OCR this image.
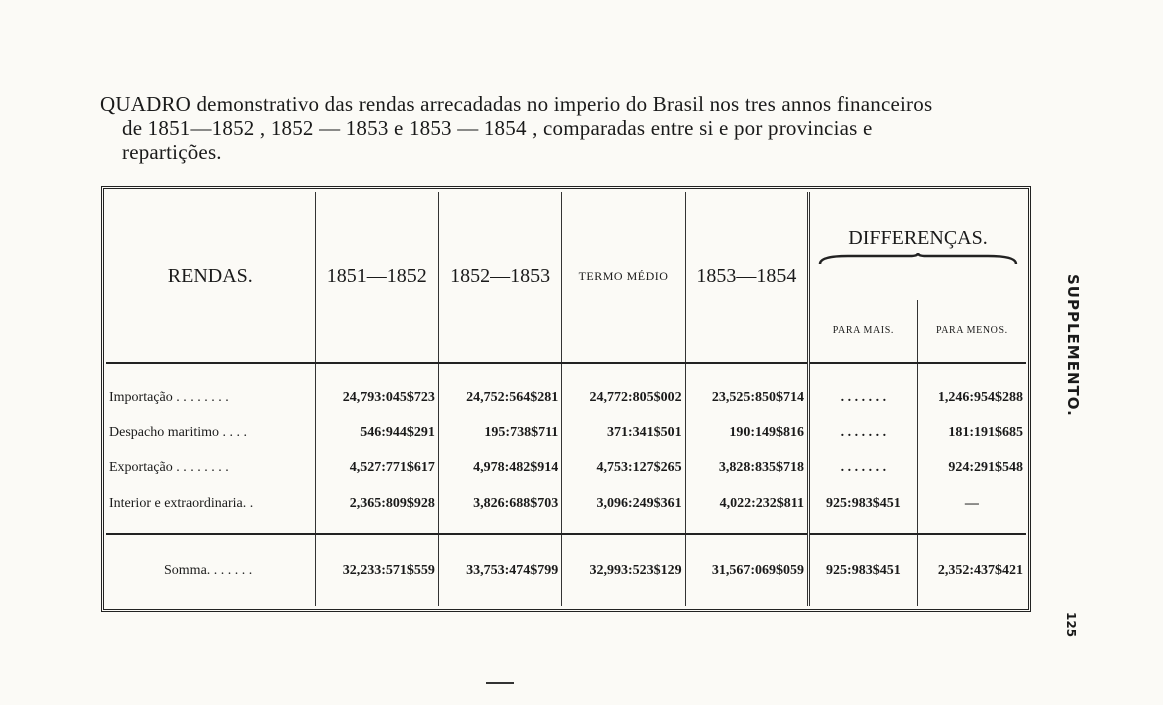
QUADRO demonstrativo das rendas arrecadadas no imperio do Brasil nos tres annos financeiros

de 1851—1852 , 1852 — 1853 e 1853 — 1854 , comparadas entre si e por provincias e

repartições.

RENDAS.	1851—1852	1852—1853	TERMO MÉDIO	1853—1854	DIFFERENÇAS.	

					PARA MAIS.	PARA MENOS.

Importação . . . . . . . .	24,793:045$723	24,752:564$281	24,772:805$002	23,525:850$714	. . . . . . .	1,246:954$288
Despacho maritimo . . . .	546:944$291	195:738$711	371:341$501	190:149$816	. . . . . . .	181:191$685
Exportação . . . . . . . .	4,527:771$617	4,978:482$914	4,753:127$265	3,828:835$718	. . . . . . .	924:291$548
Interior e extraordinaria. .	2,365:809$928	3,826:688$703	3,096:249$361	4,022:232$811	925:983$451	—

Somma. . . . . . .	32,233:571$559	33,753:474$799	32,993:523$129	31,567:069$059	925:983$451	2,352:437$421
SUPPLEMENTO.
125
